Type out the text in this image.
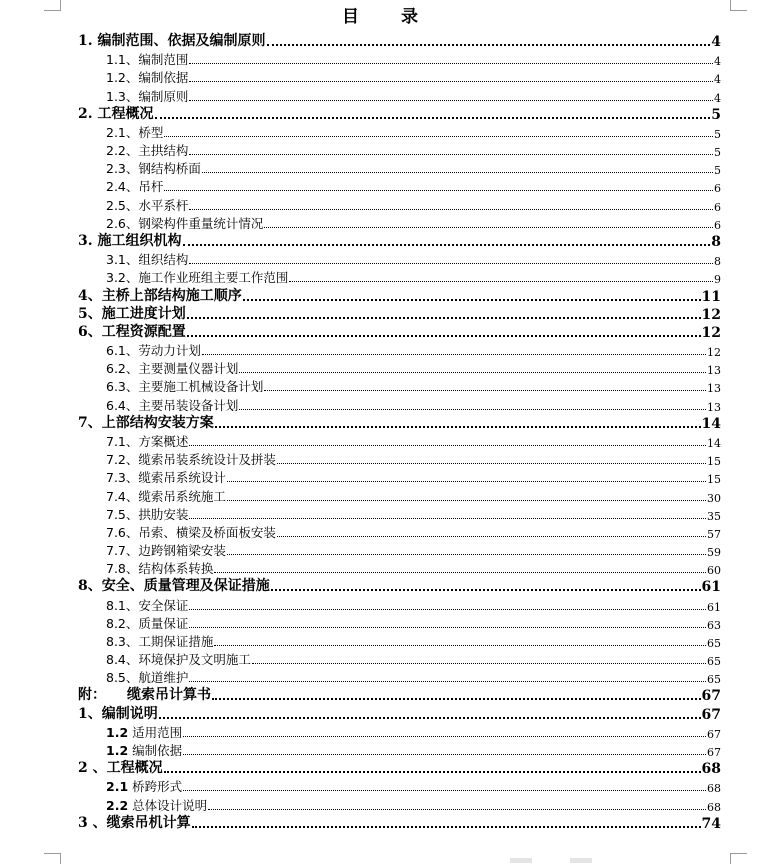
目 录
1. 编制范围、依据及编制原则	4
1.1、编制范围	4
1.2、编制依据	4
1.3、编制原则	4
2. 工程概况	5
2.1、桥型	5
2.2、主拱结构	5
2.3、钢结构桥面	5
2.4、吊杆	6
2.5、水平系杆	6
2.6、钢梁构件重量统计情况	6
3. 施工组织机构	8
3.1、组织结构	8
3.2、施工作业班组主要工作范围	9
4、主桥上部结构施工顺序	11
5、施工进度计划	12
6、工程资源配置	12
6.1、劳动力计划	12
6.2、主要测量仪器计划	13
6.3、主要施工机械设备计划	13
6.4、主要吊装设备计划	13
7、上部结构安装方案	14
7.1、方案概述	14
7.2、缆索吊装系统设计及拼装	15
7.3、缆索吊系统设计	15
7.4、缆索吊系统施工	30
7.5、拱肋安装	35
7.6、吊索、横梁及桥面板安装	57
7.7、边跨钢箱梁安装	59
7.8、结构体系转换	60
8、安全、质量管理及保证措施	61
8.1、安全保证	61
8.2、质量保证	63
8.3、工期保证措施	65
8.4、环境保护及文明施工	65
8.5、航道维护	65
附：　　缆索吊计算书	67
1、编制说明	67
1.2 适用范围	67
1.2 编制依据	67
2 、工程概况	68
2.1 桥跨形式	68
2.2 总体设计说明	68
3 、缆索吊机计算	74
